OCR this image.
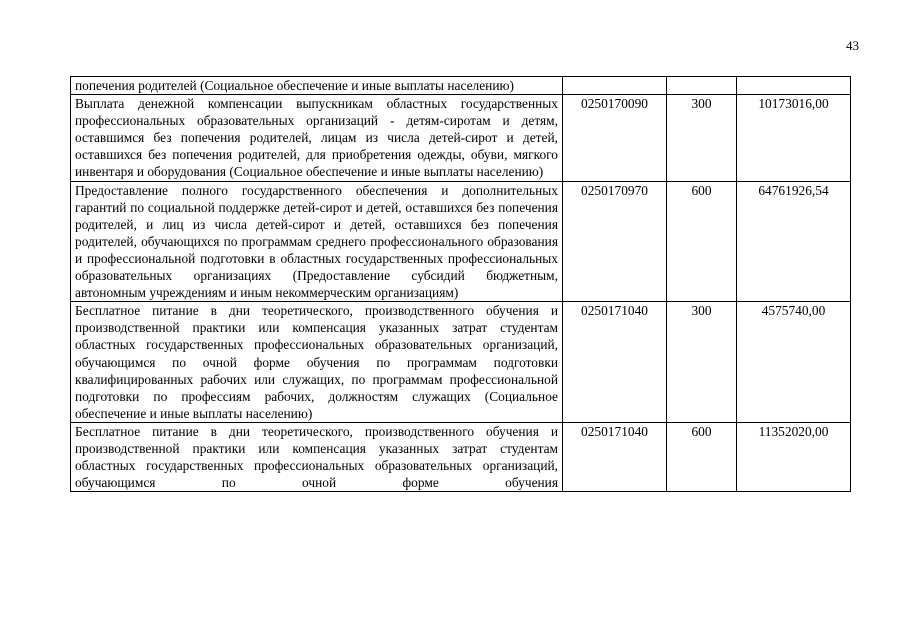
43
попечения родителей (Социальное обеспечение и иные выплаты населению)			
Выплата денежной компенсации выпускникам областных государственных профессиональных образовательных организаций - детям-сиротам и детям, оставшимся без попечения родителей, лицам из числа детей-сирот и детей, оставшихся без попечения родителей, для приобретения одежды, обуви, мягкого инвентаря и оборудования (Социальное обеспечение и иные выплаты населению)	0250170090	300	10173016,00
Предоставление полного государственного обеспечения и дополнительных гарантий по социальной поддержке детей-сирот и детей, оставшихся без попечения родителей, и лиц из числа детей-сирот и детей, оставшихся без попечения родителей, обучающихся по программам среднего профессионального образования и профессиональной подготовки в областных государственных профессиональных образовательных организациях (Предоставление субсидий бюджетным, автономным учреждениям и иным некоммерческим организациям)	0250170970	600	64761926,54
Бесплатное питание в дни теоретического, производственного обучения и производственной практики или компенсация указанных затрат студентам областных государственных профессиональных образовательных организаций, обучающимся по очной форме обучения по программам подготовки квалифицированных рабочих или служащих, по программам профессиональной подготовки по профессиям рабочих, должностям служащих (Социальное обеспечение и иные выплаты населению)	0250171040	300	4575740,00

Бесплатное питание в дни теоретического, производственного обучения и производственной практики или компенсация указанных затрат студентам областных государственных профессиональных образовательных организаций, обучающимся по очной форме обучения	0250171040	600	11352020,00
